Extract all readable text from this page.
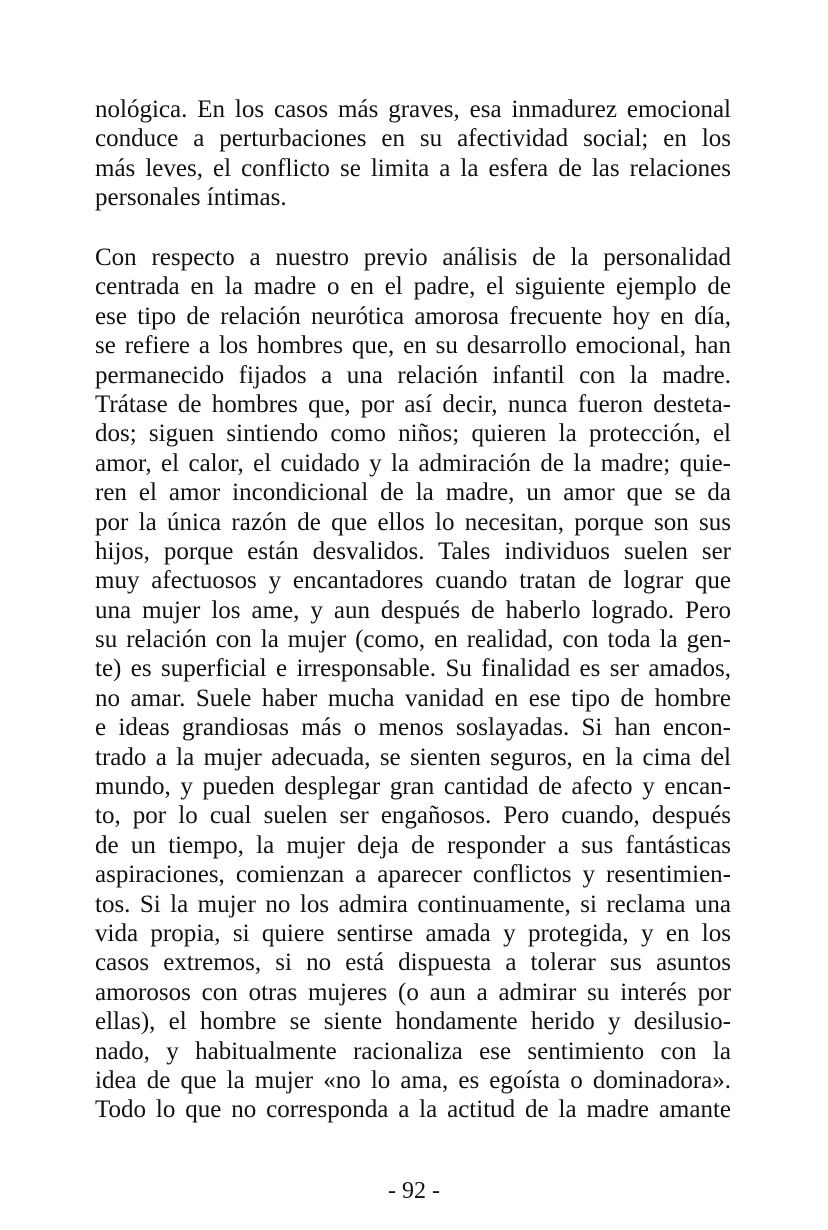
nológica. En los casos más graves, esa inmadurez emocional
conduce a perturbaciones en su afectividad social; en los
más leves, el conflicto se limita a la esfera de las relaciones
personales íntimas.
Con respecto a nuestro previo análisis de la personalidad
centrada en la madre o en el padre, el siguiente ejemplo de
ese tipo de relación neurótica amorosa frecuente hoy en día,
se refiere a los hombres que, en su desarrollo emocional, han
permanecido fijados a una relación infantil con la madre.
Trátase de hombres que, por así decir, nunca fueron desteta-
dos; siguen sintiendo como niños; quieren la protección, el
amor, el calor, el cuidado y la admiración de la madre; quie-
ren el amor incondicional de la madre, un amor que se da
por la única razón de que ellos lo necesitan, porque son sus
hijos, porque están desvalidos. Tales individuos suelen ser
muy afectuosos y encantadores cuando tratan de lograr que
una mujer los ame, y aun después de haberlo logrado. Pero
su relación con la mujer (como, en realidad, con toda la gen-
te) es superficial e irresponsable. Su finalidad es ser amados,
no amar. Suele haber mucha vanidad en ese tipo de hombre
e ideas grandiosas más o menos soslayadas. Si han encon-
trado a la mujer adecuada, se sienten seguros, en la cima del
mundo, y pueden desplegar gran cantidad de afecto y encan-
to, por lo cual suelen ser engañosos. Pero cuando, después
de un tiempo, la mujer deja de responder a sus fantásticas
aspiraciones, comienzan a aparecer conflictos y resentimien-
tos. Si la mujer no los admira continuamente, si reclama una
vida propia, si quiere sentirse amada y protegida, y en los
casos extremos, si no está dispuesta a tolerar sus asuntos
amorosos con otras mujeres (o aun a admirar su interés por
ellas), el hombre se siente hondamente herido y desilusio-
nado, y habitualmente racionaliza ese sentimiento con la
idea de que la mujer «no lo ama, es egoísta o dominadora».
Todo lo que no corresponda a la actitud de la madre amante
- 92 -
